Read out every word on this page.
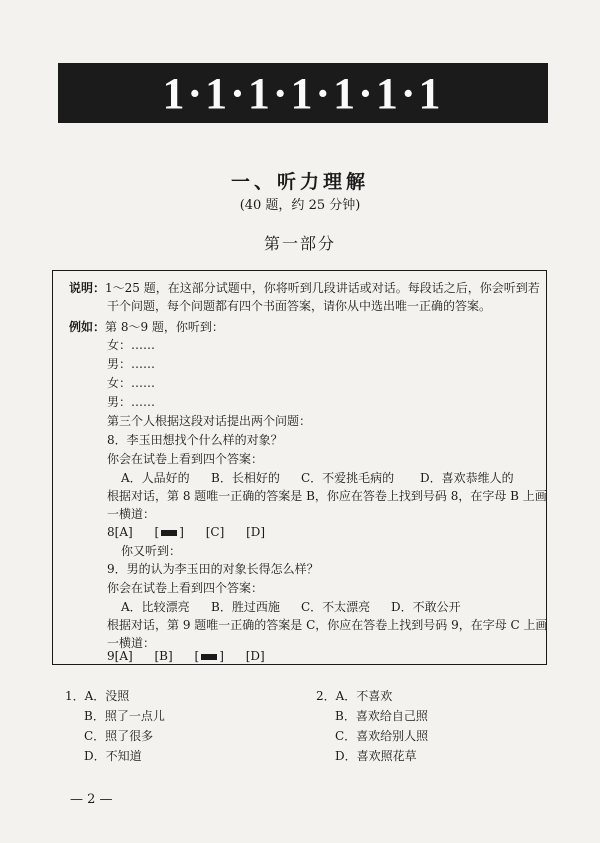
1·1·1·1·1·1·1
一、听力理解
(40 题，约 25 分钟)
第一部分
说明：1～25 题，在这部分试题中，你将听到几段讲话或对话。每段话之后，你会听到若
干个问题，每个问题都有四个书面答案，请你从中选出唯一正确的答案。
例如：第 8～9 题，你听到：
女：……
男：……
女：……
男：……
第三个人根据这段对话提出两个问题：
8．李玉田想找个什么样的对象？
你会在试卷上看到四个答案：
A．人品好的 B．长相好的 C．不爱挑毛病的 D．喜欢恭维人的
根据对话，第 8 题唯一正确的答案是 B，你应在答卷上找到号码 8，在字母 B 上画
一横道：
8[A] [ ] [C] [D]
你又听到：
9．男的认为李玉田的对象长得怎么样？
你会在试卷上看到四个答案：
A．比较漂亮 B．胜过西施 C．不太漂亮 D．不敢公开
根据对话，第 9 题唯一正确的答案是 C，你应在答卷上找到号码 9，在字母 C 上画
一横道：
9[A] [B] [ ] [D]
1．A．没照
B．照了一点儿
C．照了很多
D．不知道
2．A．不喜欢
B．喜欢给自己照
C．喜欢给别人照
D．喜欢照花草
— 2 —
